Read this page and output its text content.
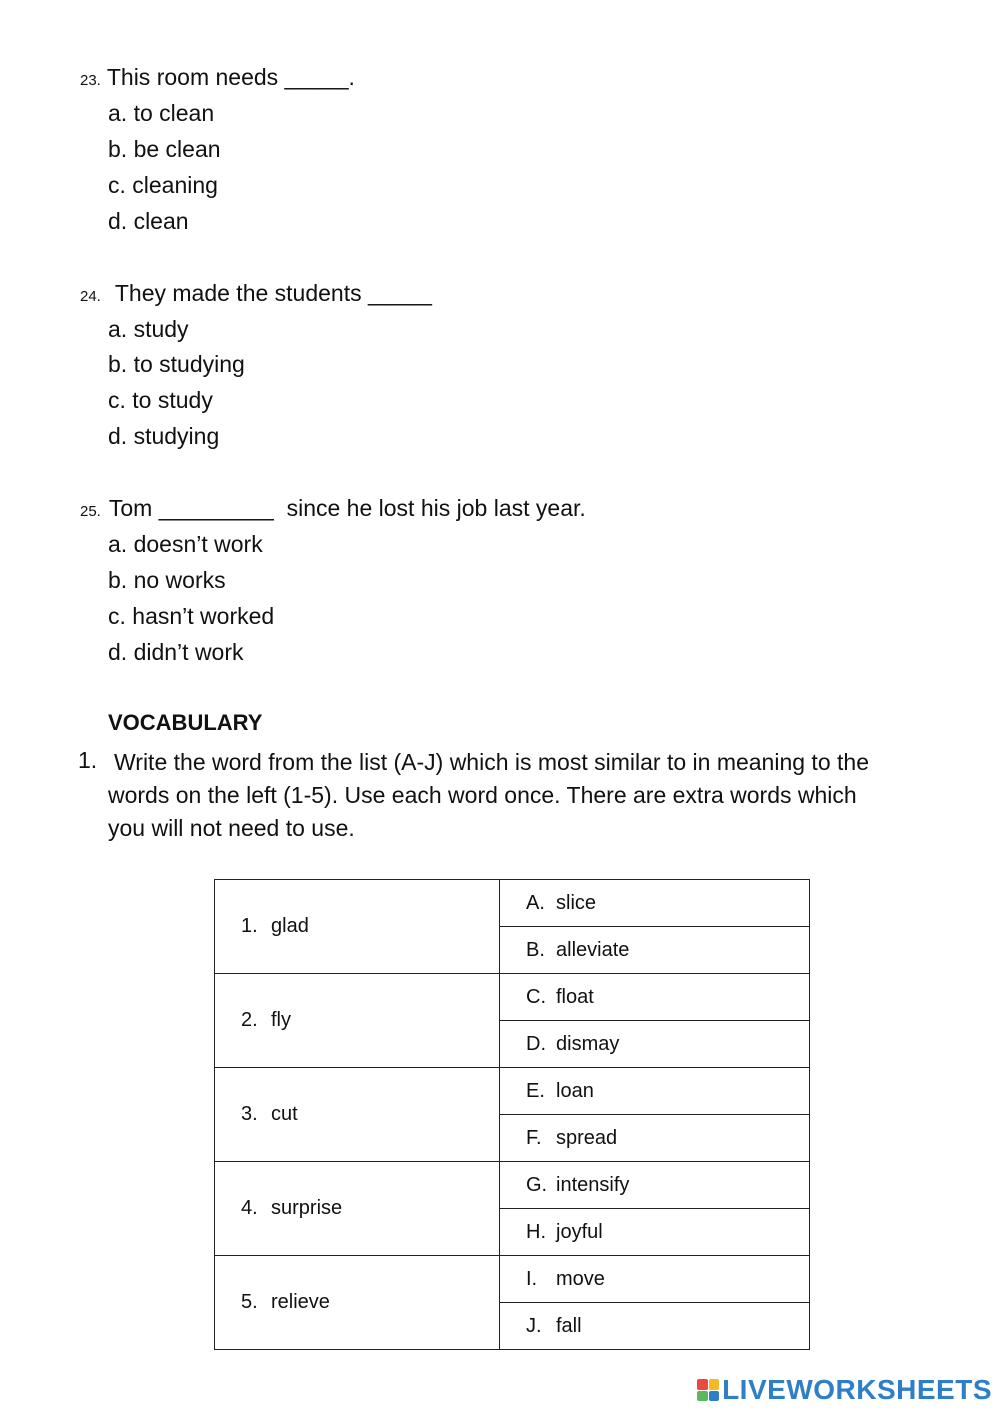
23. This room needs _____.
a. to clean
b. be clean
c. cleaning
d. clean
24. They made the students _____
a. study
b. to studying
c. to study
d. studying
25. Tom _________  since he lost his job last year.
a. doesn’t work
b. no works
c. hasn’t worked
d. didn’t work
VOCABULARY
1. Write the word from the list (A-J) which is most similar to in meaning to the
words on the left (1-5). Use each word once. There are extra words which
you will not need to use.
1. glad	A. slice
	B. alleviate
2. fly	C. float
	D. dismay
3. cut	E. loan
	F. spread
4. surprise	G. intensify
	H. joyful
5. relieve	I. move
	J. fall
LIVEWORKSHEETS
